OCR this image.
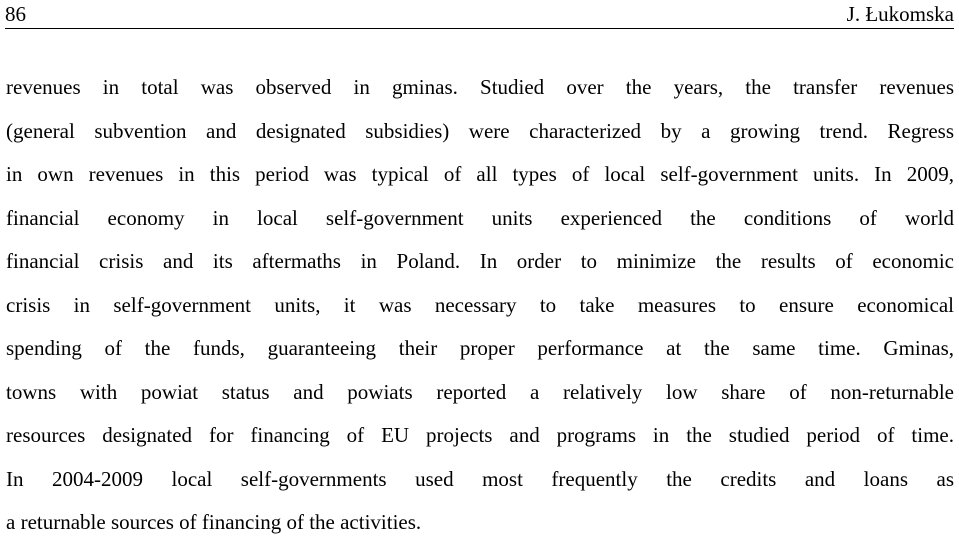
86	J. Łukomska
revenues in total was observed in gminas. Studied over the years, the transfer revenues
(general subvention and designated subsidies) were characterized by a growing trend. Regress
in own revenues in this period was typical of all types of local self-government units. In 2009,
financial economy in local self-government units experienced the conditions of world
financial crisis and its aftermaths in Poland. In order to minimize the results of economic
crisis in self-government units, it was necessary to take measures to ensure economical
spending of the funds, guaranteeing their proper performance at the same time. Gminas,
towns with powiat status and powiats reported a relatively low share of non-returnable
resources designated for financing of EU projects and programs in the studied period of time.
In 2004-2009 local self-governments used most frequently the credits and loans as
a returnable sources of financing of the activities.
